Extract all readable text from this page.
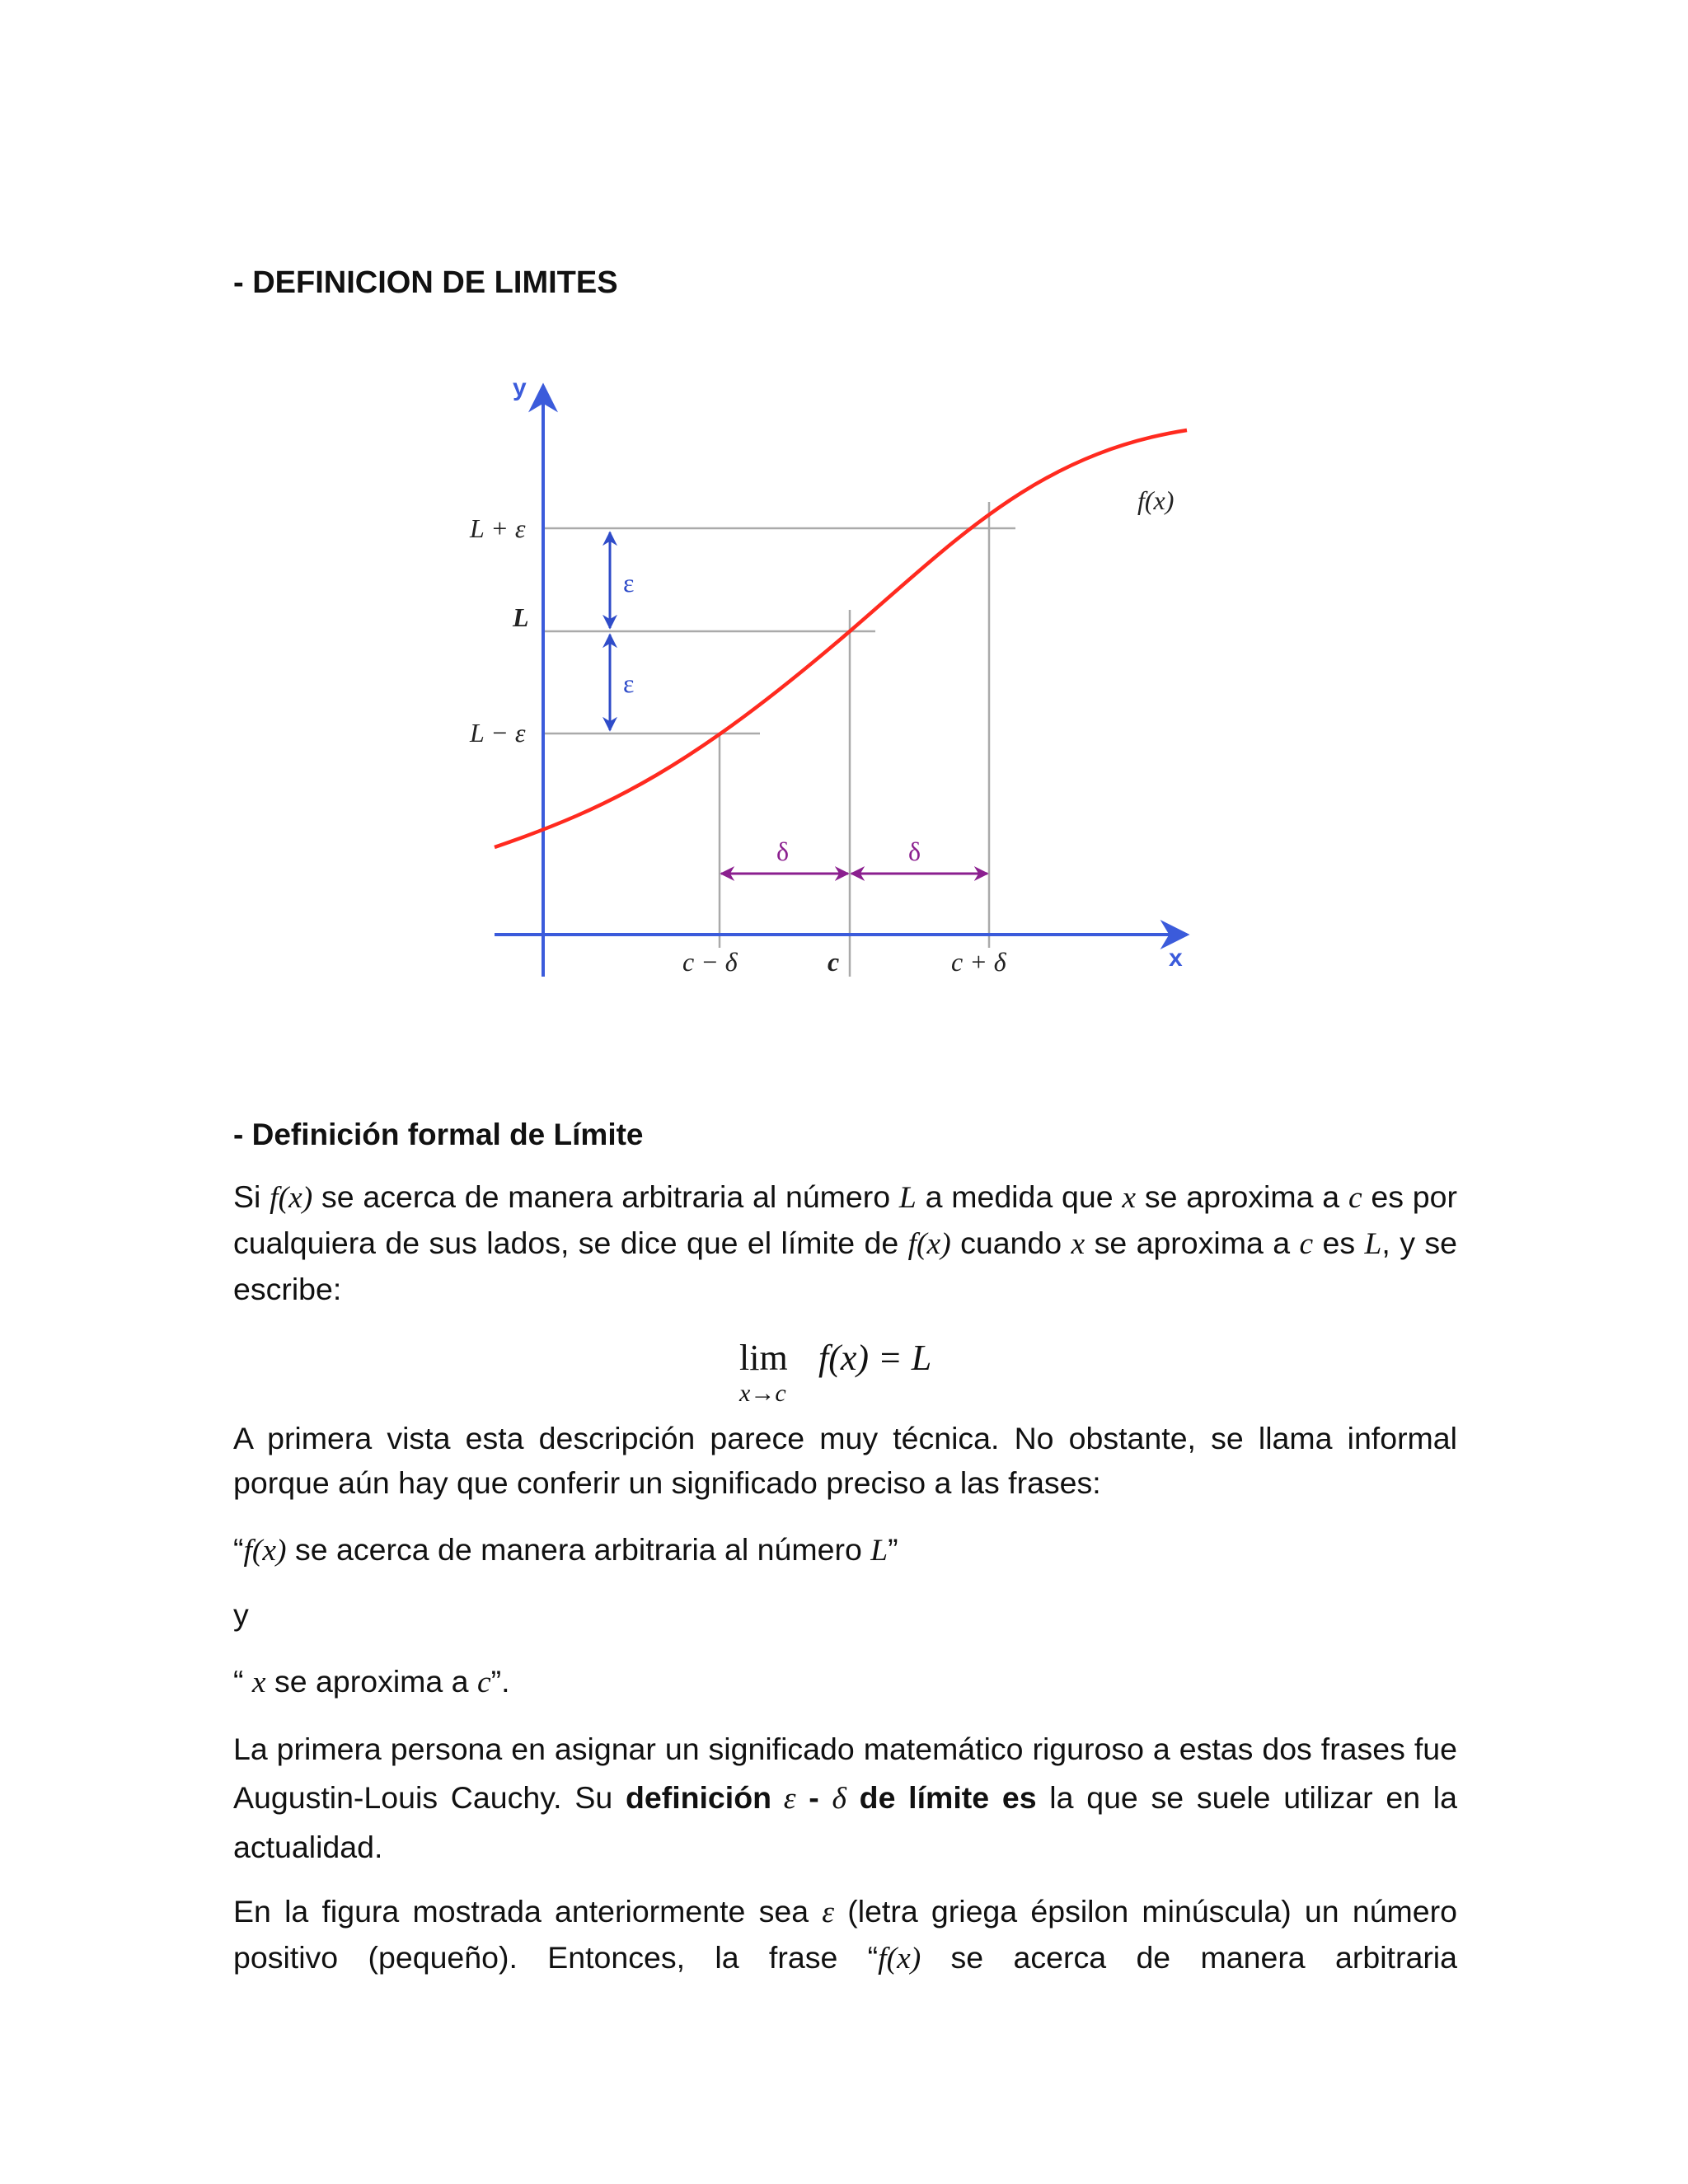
- DEFINICION DE LIMITES
y
x
f(x)
L + ε
L
L − ε
ε
ε
δ	δ
c − δ	c	c + δ
- Definición formal de Límite
Si f(x) se acerca de manera arbitraria al número L a medida que x se aproxima a c es por cualquiera de sus lados, se dice que el límite de f(x) cuando x se aproxima a c es L, y se escribe:
lim
x→c
f(x) = L
A primera vista esta descripción parece muy técnica. No obstante, se llama informal porque aún hay que conferir un significado preciso a las frases:
“f(x) se acerca de manera arbitraria al número L”
y
“ x se aproxima a c”.
La primera persona en asignar un significado matemático riguroso a estas dos frases fue Augustin-Louis Cauchy. Su definición ε - δ de límite es la que se suele utilizar en la actualidad.
En la figura mostrada anteriormente sea ε (letra griega épsilon minúscula) un número positivo (pequeño). Entonces, la frase “f(x) se acerca de manera arbitraria
